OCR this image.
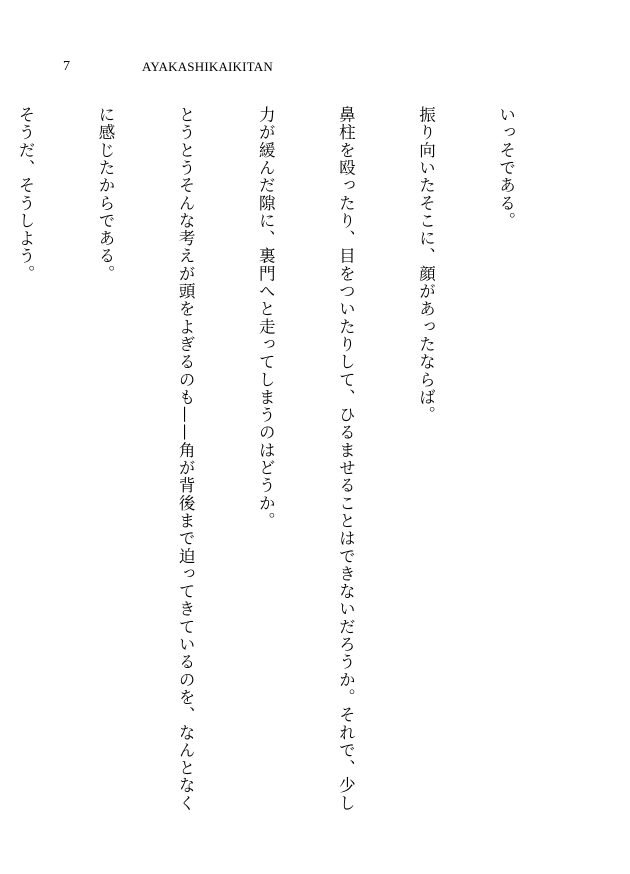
7	AYAKASHIKAIKITAN

いっそである。

振り向いたそこに、顔があったならば。

鼻柱を殴ったり、目をついたりして、ひるませることはできないだろうか。それで、少し

力が緩んだ隙に、裏門へと走ってしまうのはどうか。

とうとうそんな考えが頭をよぎるのも——角が背後まで迫ってきているのを、なんとなく

に感じたからである。

そうだ、そうしよう。
